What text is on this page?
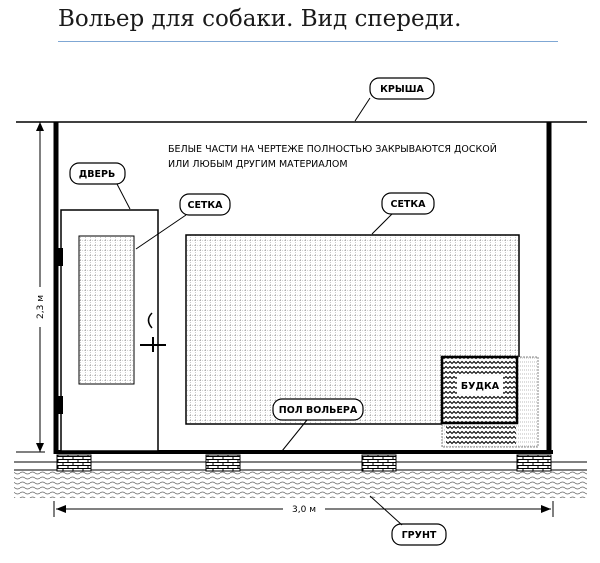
Вольер для собаки. Вид спереди.
БУДКА
БЕЛЫЕ ЧАСТИ НА ЧЕРТЕЖЕ ПОЛНОСТЬЮ ЗАКРЫВАЮТСЯ ДОСКОЙ
ИЛИ ЛЮБЫМ ДРУГИМ МАТЕРИАЛОМ
КРЫША
ДВЕРЬ
СЕТКА	СЕТКА
ПОЛ ВОЛЬЕРА
ГРУНТ
2,3 м
3,0 м
